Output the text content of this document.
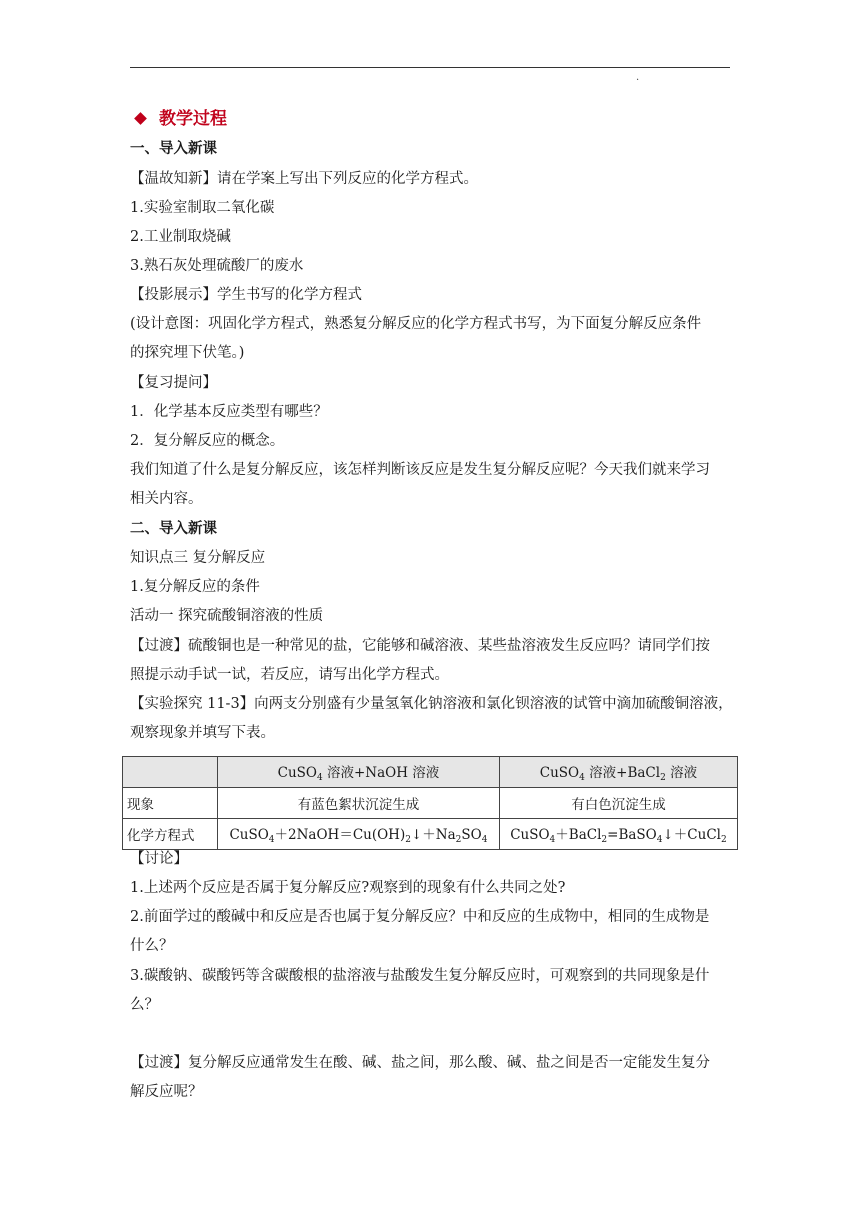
.
教学过程
一、导入新课
【温故知新】请在学案上写出下列反应的化学方程式。
1.实验室制取二氧化碳
2.工业制取烧碱
3.熟石灰处理硫酸厂的废水
【投影展示】学生书写的化学方程式
(设计意图：巩固化学方程式，熟悉复分解反应的化学方程式书写，为下面复分解反应条件
的探究埋下伏笔。)
【复习提问】
1．化学基本反应类型有哪些？
2．复分解反应的概念。
我们知道了什么是复分解反应，该怎样判断该反应是发生复分解反应呢？今天我们就来学习
相关内容。
二、导入新课
知识点三 复分解反应
1.复分解反应的条件
活动一 探究硫酸铜溶液的性质
【过渡】硫酸铜也是一种常见的盐，它能够和碱溶液、某些盐溶液发生反应吗？请同学们按
照提示动手试一试，若反应，请写出化学方程式。
【实验探究 11-3】向两支分别盛有少量氢氧化钠溶液和氯化钡溶液的试管中滴加硫酸铜溶液，
观察现象并填写下表。
	CuSO$_4$ 溶液+NaOH 溶液	CuSO$_4$ 溶液+BaCl$_2$ 溶液
现象	有蓝色絮状沉淀生成	有白色沉淀生成
化学方程式	$CuSO_4+2NaOH=Cu(OH)_2↓+Na_2SO_4$	CuSO$_4$＋BaCl$_2$=BaSO$_4$↓＋CuCl$_2$
【讨论】
1.上述两个反应是否属于复分解反应?观察到的现象有什么共同之处?
2.前面学过的酸碱中和反应是否也属于复分解反应？中和反应的生成物中，相同的生成物是
什么？
3.碳酸钠、碳酸钙等含碳酸根的盐溶液与盐酸发生复分解反应时，可观察到的共同现象是什
么？
【过渡】复分解反应通常发生在酸、碱、盐之间，那么酸、碱、盐之间是否一定能发生复分
解反应呢？
